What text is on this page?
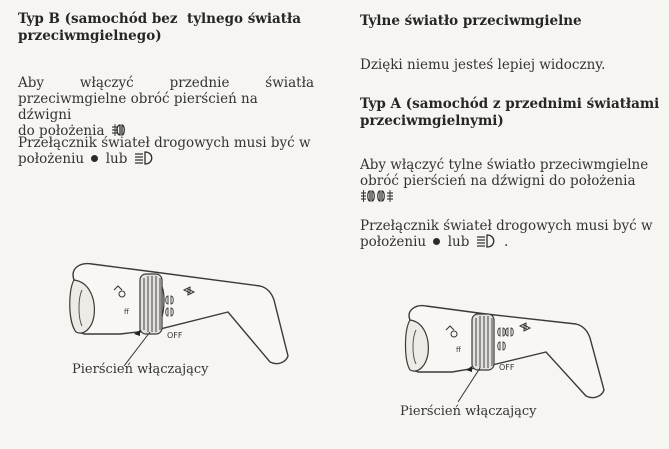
Typ B (samochód bez  tylnego światła

przeciwmgielnego)

Aby	włączyć	przednie	światła

przeciwmgielne obróć pierścień na dźwigni

do położenia

Przełącznik świateł drogowych musi być w

położeniu lub

ff
OFF
Pierścień włączający

Tylne światło przeciwmgielne

Dzięki niemu jesteś lepiej widoczny.

Typ A (samochód z przednimi światłami

przeciwmgielnymi)

Aby włączyć tylne światło przeciwmgielne

obróć pierścień na dźwigni do położenia

Przełącznik świateł drogowych musi być w

położeniu lub	.

ff
OFF
Pierścień włączający
